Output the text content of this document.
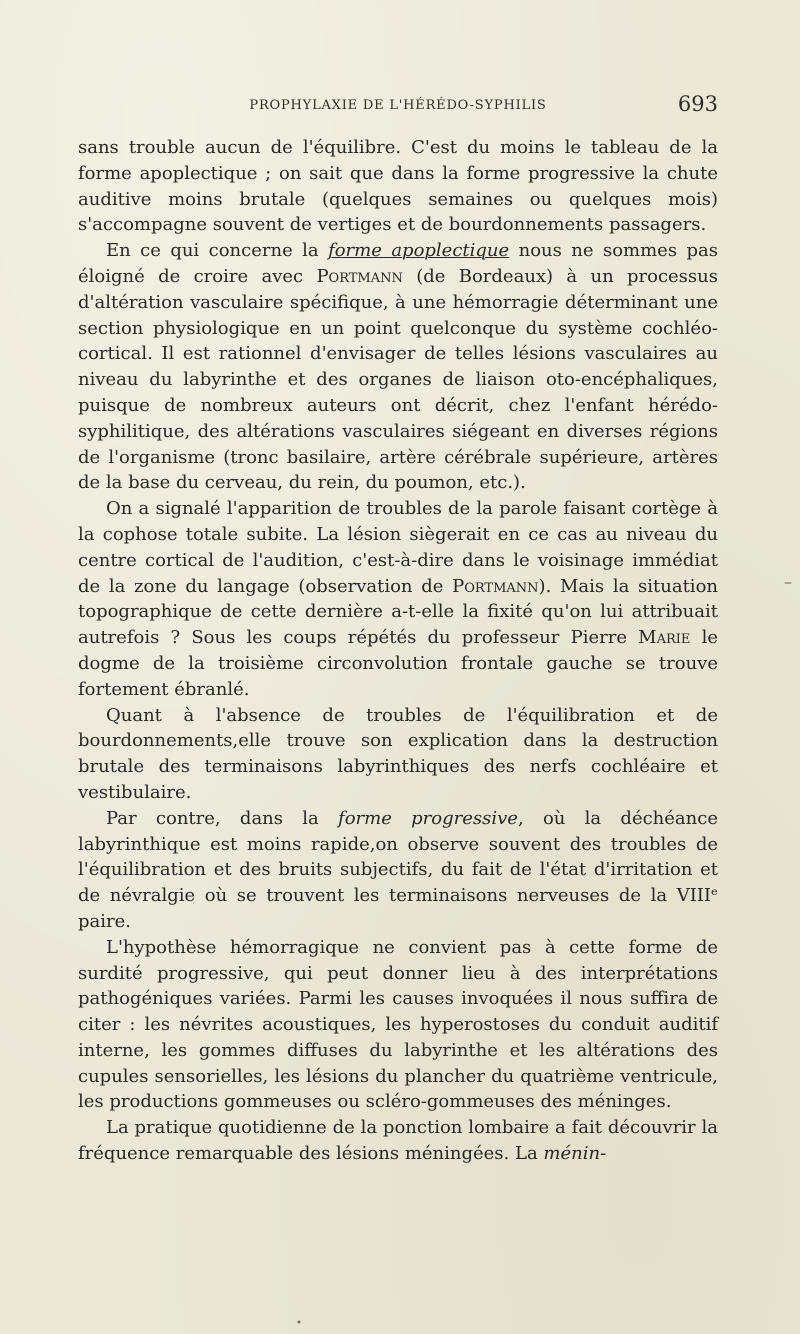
PROPHYLAXIE DE L'HÉRÉDO-SYPHILIS	693

sans trouble aucun de l'équilibre. C'est du moins le tableau de la forme apoplectique ; on sait que dans la forme progressive la chute auditive moins brutale (quelques semaines ou quelques mois) s'accompagne souvent de vertiges et de bourdonnements passagers.

En ce qui concerne la forme apoplectique nous ne sommes pas éloigné de croire avec Portmann (de Bordeaux) à un processus d'altération vasculaire spécifique, à une hémorragie déterminant une section physiologique en un point quelconque du système cochléo-cortical. Il est rationnel d'envisager de telles lésions vasculaires au niveau du labyrinthe et des organes de liaison oto-encéphaliques, puisque de nombreux auteurs ont décrit, chez l'enfant hérédo-syphilitique, des altérations vasculaires siégeant en diverses régions de l'organisme (tronc basilaire, artère cérébrale supérieure, artères de la base du cerveau, du rein, du poumon, etc.).

On a signalé l'apparition de troubles de la parole faisant cortège à la cophose totale subite. La lésion siègerait en ce cas au niveau du centre cortical de l'audition, c'est-à-dire dans le voisinage immédiat de la zone du langage (observation de Portmann). Mais la situation topographique de cette dernière a-t-elle la fixité qu'on lui attribuait autrefois ? Sous les coups répétés du professeur Pierre Marie le dogme de la troisième circonvolution frontale gauche se trouve fortement ébranlé.

Quant à l'absence de troubles de l'équilibration et de bourdonnements,elle trouve son explication dans la destruction brutale des terminaisons labyrinthiques des nerfs cochléaire et vestibulaire.

Par contre, dans la forme progressive, où la déchéance labyrinthique est moins rapide,on observe souvent des troubles de l'équilibration et des bruits subjectifs, du fait de l'état d'irritation et de névralgie où se trouvent les terminaisons nerveuses de la VIIIᵉ paire.

L'hypothèse hémorragique ne convient pas à cette forme de surdité progressive, qui peut donner lieu à des interprétations pathogéniques variées. Parmi les causes invoquées il nous suffira de citer : les névrites acoustiques, les hyperostoses du conduit auditif interne, les gommes diffuses du labyrinthe et les altérations des cupules sensorielles, les lésions du plancher du quatrième ventricule, les productions gommeuses ou scléro-gommeuses des méninges.

La pratique quotidienne de la ponction lombaire a fait découvrir la fréquence remarquable des lésions méningées. La ménin-

–
•
